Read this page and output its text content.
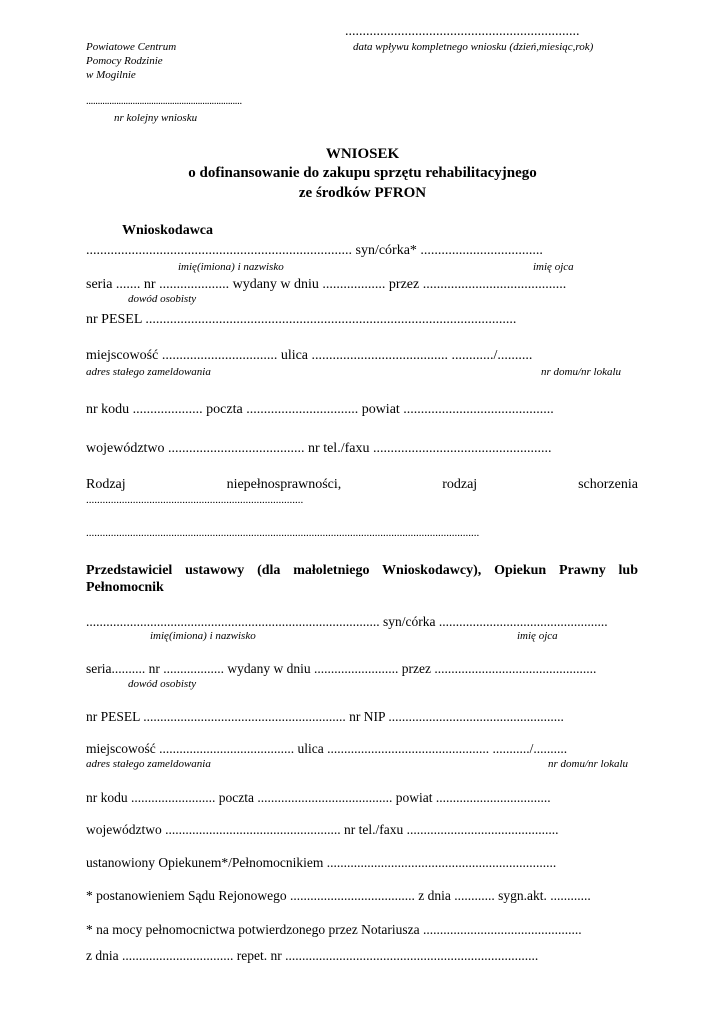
...................................................................
data wpływu kompletnego wniosku (dzień,miesiąc,rok)
Powiatowe Centrum
Pomocy Rodzinie
w Mogilnie
...................................................................
nr kolejny wniosku
WNIOSEK
o dofinansowanie do zakupu sprzętu rehabilitacyjnego
ze środków PFRON
Wnioskodawca
............................................................................ syn/córka* ...................................
imię(imiona) i nazwisko	imię ojca
seria ....... nr .................... wydany w dniu .................. przez .........................................
dowód osobisty
nr PESEL ..........................................................................................................
miejscowość ................................. ulica ....................................... ............/..........
adres stałego zameldowania	nr domu/nr lokalu
nr kodu .................... poczta ................................ powiat ...........................................
województwo ....................................... nr tel./faxu ...................................................
Rodzaj	niepełnosprawności,	rodzaj	schorzenia
...............................................................................
...............................................................................................................................................
Przedstawiciel ustawowy (dla małoletniego Wnioskodawcy), Opiekun Prawny lub
Pełnomocnik
....................................................................................... syn/córka ..................................................
imię(imiona) i nazwisko	imię ojca
seria.......... nr .................. wydany w dniu ......................... przez ................................................
dowód osobisty
nr PESEL ............................................................ nr NIP ....................................................
miejscowość ........................................ ulica ................................................ .........../..........
adres stałego zameldowania	nr domu/nr lokalu
nr kodu ......................... poczta ........................................ powiat ..................................
województwo .................................................... nr tel./faxu .............................................
ustanowiony Opiekunem*/Pełnomocnikiem ....................................................................
* postanowieniem Sądu Rejonowego ..................................... z dnia ............ sygn.akt. ............
* na mocy pełnomocnictwa potwierdzonego przez Notariusza ...............................................
z dnia ................................. repet. nr ...........................................................................
